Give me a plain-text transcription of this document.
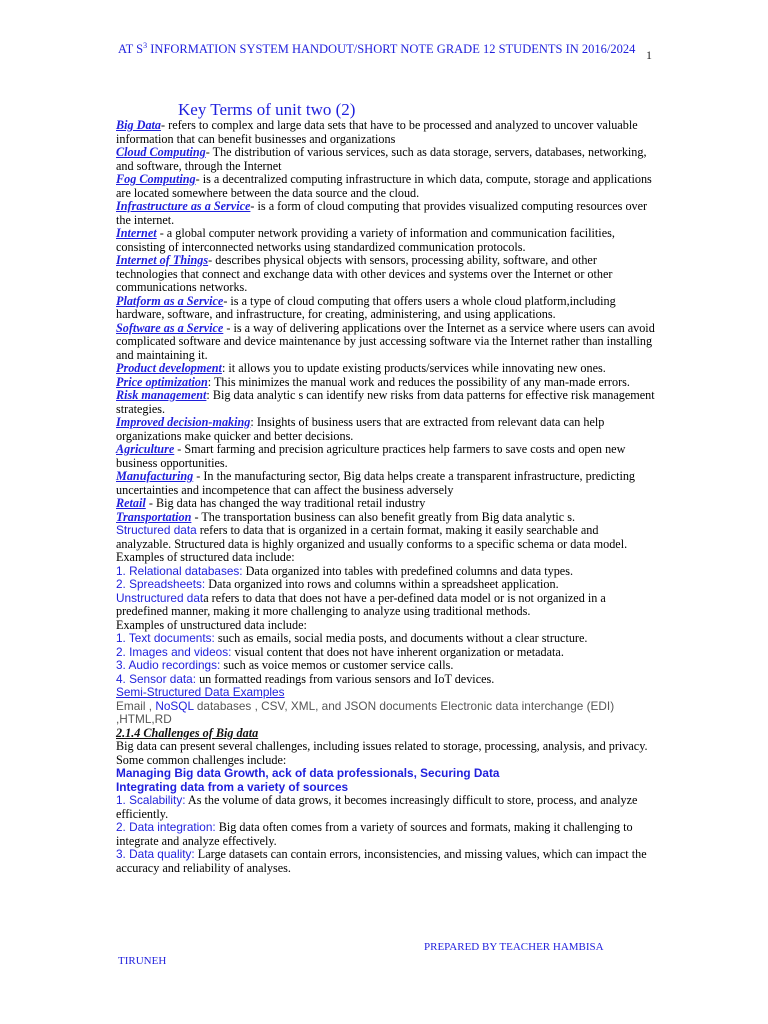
AT $S^3$ INFORMATION SYSTEM HANDOUT/SHORT NOTE GRADE 12 STUDENTS IN 2016/2024 1
Key Terms of unit two (2)

Big Data- refers to complex and large data sets that have to be processed and analyzed to uncover valuable information that can benefit businesses and organizations

Cloud Computing- The distribution of various services, such as data storage, servers, databases, networking, and software, through the Internet

Fog Computing- is a decentralized computing infrastructure in which data, compute, storage and applications are located somewhere between the data source and the cloud.

Infrastructure as a Service- is a form of cloud computing that provides visualized computing resources over the internet.

Internet - a global computer network providing a variety of information and communication facilities, consisting of interconnected networks using standardized communication protocols.

Internet of Things- describes physical objects with sensors, processing ability, software, and other technologies that connect and exchange data with other devices and systems over the Internet or other communications networks.

Platform as a Service- is a type of cloud computing that offers users a whole cloud platform,including hardware, software, and infrastructure, for creating, administering, and using applications.

Software as a Service - is a way of delivering applications over the Internet as a service where users can avoid complicated software and device maintenance by just accessing software via the Internet rather than installing and maintaining it.

Product development: it allows you to update existing products/services while innovating new ones.

Price optimization: This minimizes the manual work and reduces the possibility of any man-made errors.

Risk management: Big data analytic s can identify new risks from data patterns for effective risk management strategies.

Improved decision-making: Insights of business users that are extracted from relevant data can help organizations make quicker and better decisions.

Agriculture - Smart farming and precision agriculture practices help farmers to save costs and open new business opportunities.

Manufacturing - In the manufacturing sector, Big data helps create a transparent infrastructure, predicting uncertainties and incompetence that can affect the business adversely

Retail - Big data has changed the way traditional retail industry

Transportation - The transportation business can also benefit greatly from Big data analytic s.

Structured data refers to data that is organized in a certain format, making it easily searchable and analyzable. Structured data is highly organized and usually conforms to a specific schema or data model. Examples of structured data include:

1. Relational databases: Data organized into tables with predefined columns and data types.

2. Spreadsheets: Data organized into rows and columns within a spreadsheet application.

Unstructured data refers to data that does not have a per-defined data model or is not organized in a predefined manner, making it more challenging to analyze using traditional methods.

Examples of unstructured data include:

1. Text documents: such as emails, social media posts, and documents without a clear structure.

2. Images and videos: visual content that does not have inherent organization or metadata.

3. Audio recordings: such as voice memos or customer service calls.

4. Sensor data: un formatted readings from various sensors and IoT devices.

Semi-Structured Data Examples

Email , NoSQL databases , CSV, XML, and JSON documents Electronic data interchange (EDI) ,HTML,RD

2.1.4 Challenges of Big data

Big data can present several challenges, including issues related to storage, processing, analysis, and privacy. Some common challenges include:

Managing Big data Growth, ack of data professionals, Securing Data

Integrating data from a variety of sources

1. Scalability: As the volume of data grows, it becomes increasingly difficult to store, process, and analyze efficiently.

2. Data integration: Big data often comes from a variety of sources and formats, making it challenging to integrate and analyze effectively.

3. Data quality: Large datasets can contain errors, inconsistencies, and missing values, which can impact the accuracy and reliability of analyses.

PREPARED BY TEACHER HAMBISA
TIRUNEH
